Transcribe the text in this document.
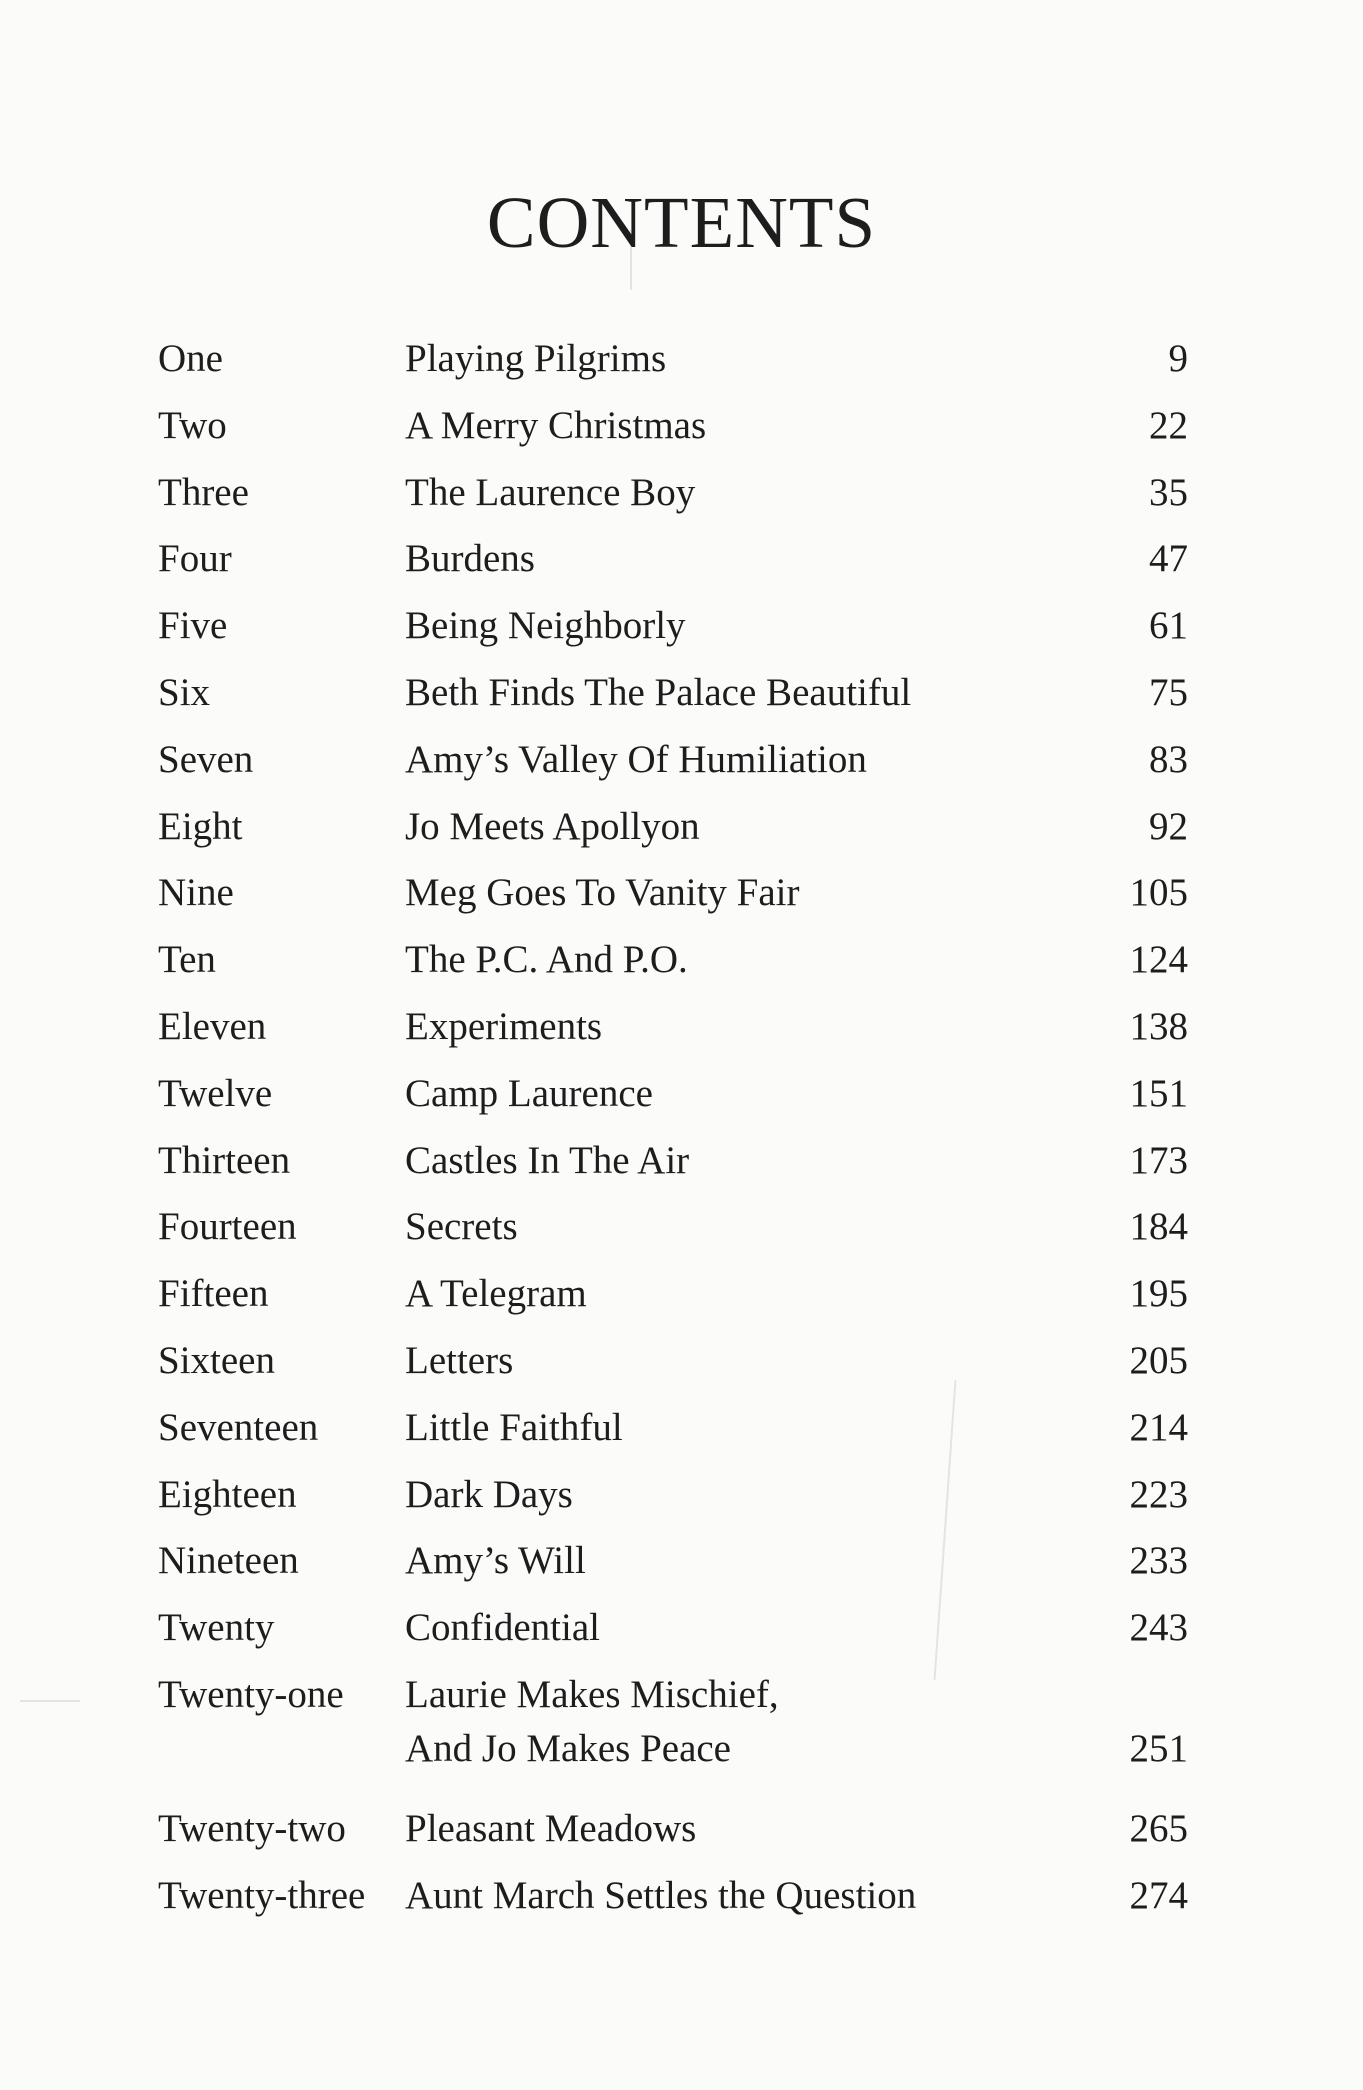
CONTENTS
One	Playing Pilgrims	9
Two	A Merry Christmas	22
Three	The Laurence Boy	35
Four	Burdens	47
Five	Being Neighborly	61
Six	Beth Finds The Palace Beautiful	75
Seven	Amy’s Valley Of Humiliation	83
Eight	Jo Meets Apollyon	92
Nine	Meg Goes To Vanity Fair	105
Ten	The P.C. And P.O.	124
Eleven	Experiments	138
Twelve	Camp Laurence	151
Thirteen	Castles In The Air	173
Fourteen	Secrets	184
Fifteen	A Telegram	195
Sixteen	Letters	205
Seventeen Little Faithful	214
Eighteen	Dark Days	223
Nineteen	Amy’s Will	233
Twenty	Confidential	243
Twenty-one Laurie Makes Mischief,
And Jo Makes Peace	251
Twenty-two Pleasant Meadows	265
Twenty-three Aunt March Settles the Question	274
